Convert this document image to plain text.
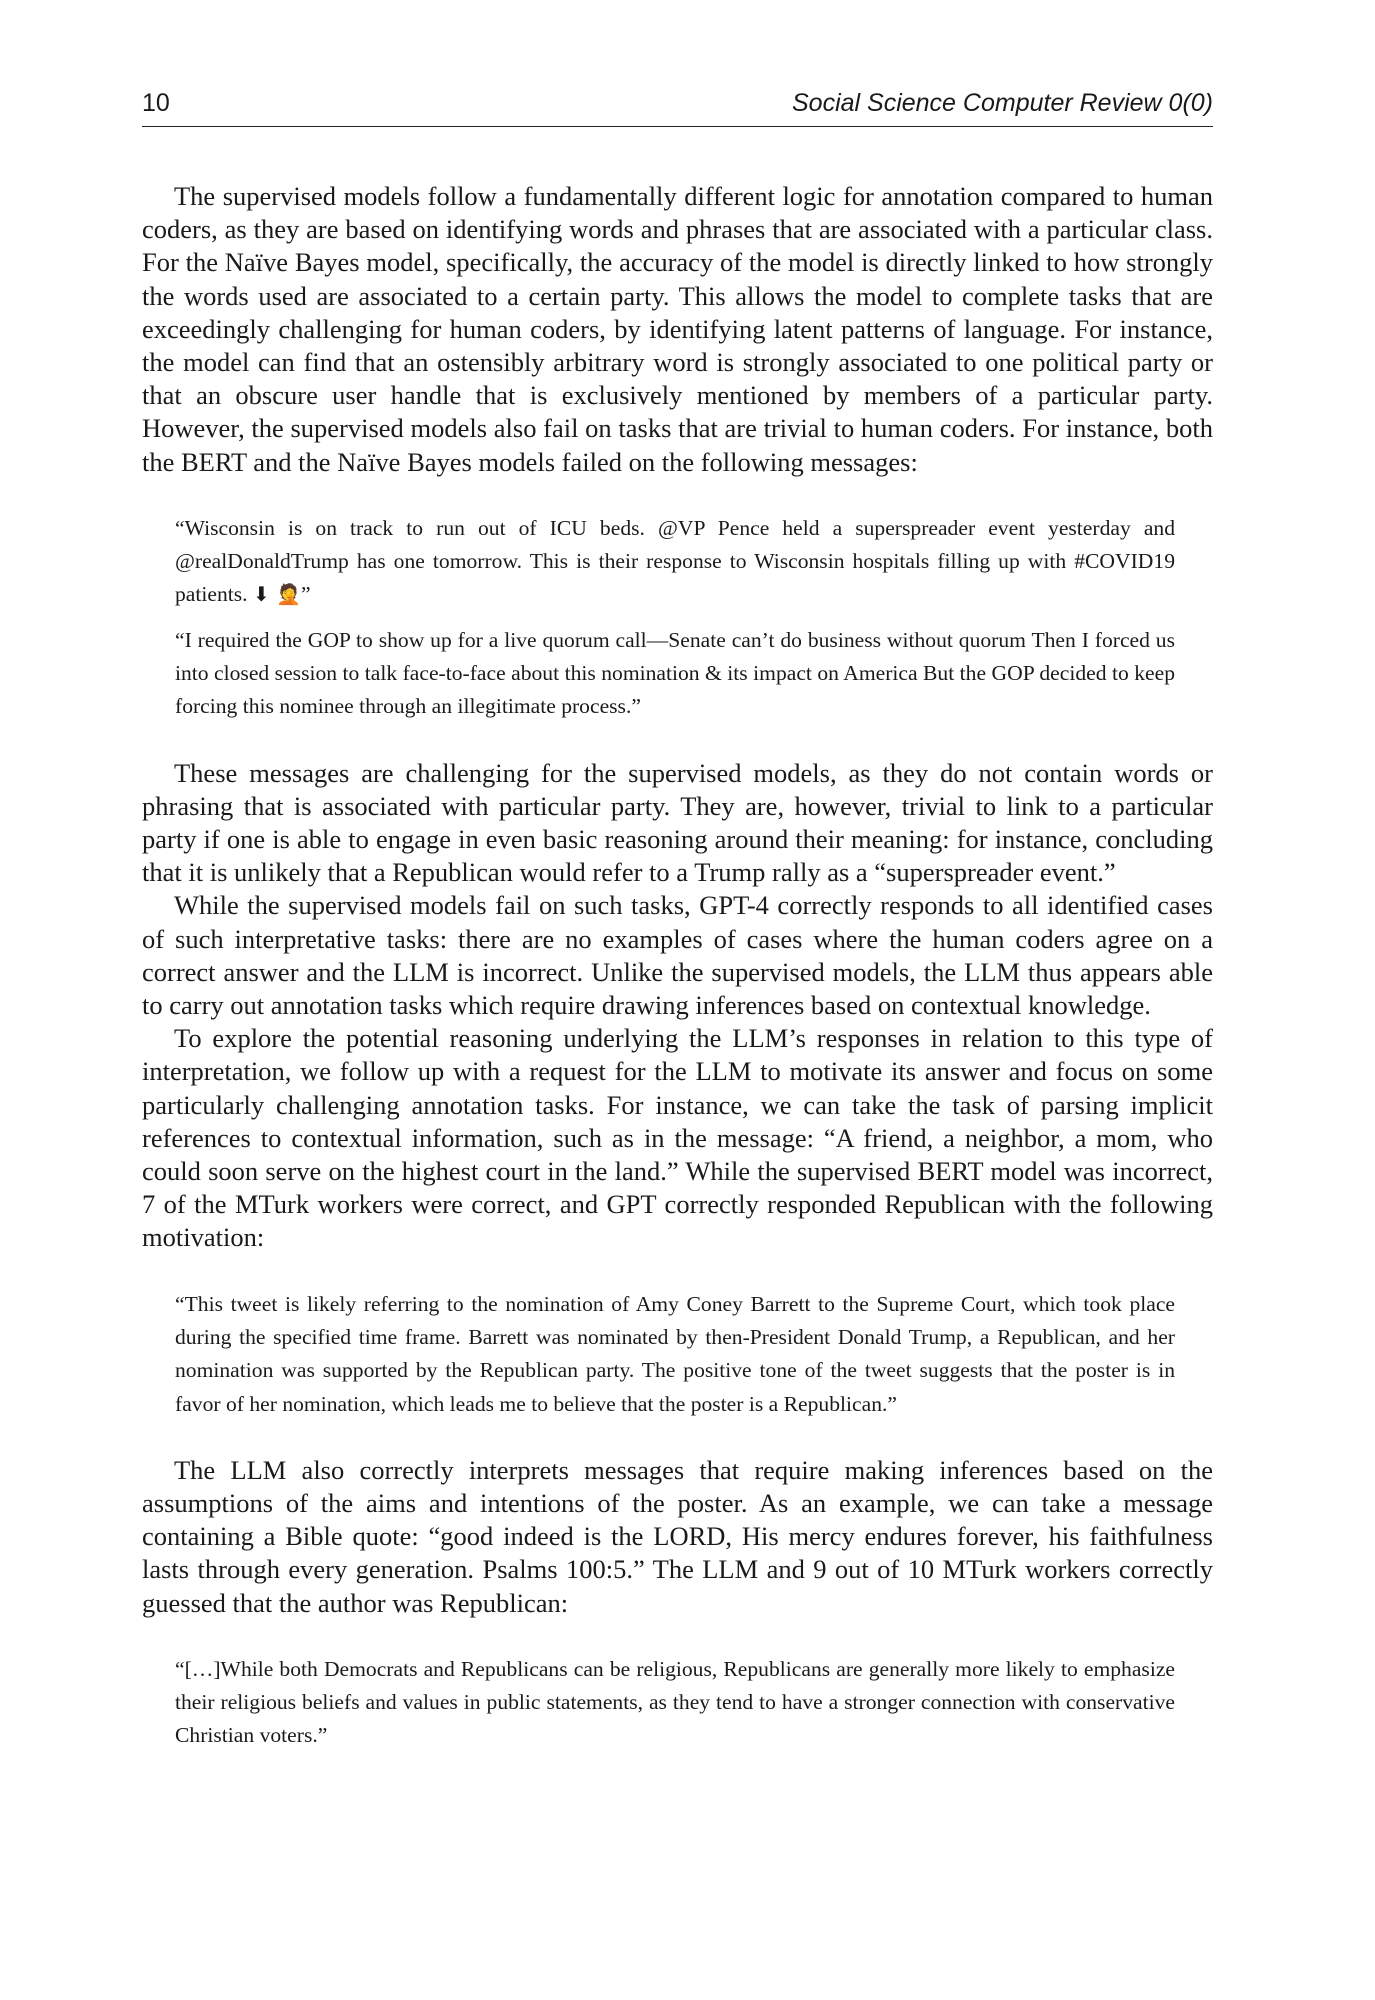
10	Social Science Computer Review 0(0)

The supervised models follow a fundamentally different logic for annotation compared to human coders, as they are based on identifying words and phrases that are associated with a particular class. For the Naïve Bayes model, specifically, the accuracy of the model is directly linked to how strongly the words used are associated to a certain party. This allows the model to complete tasks that are exceedingly challenging for human coders, by identifying latent patterns of language. For instance, the model can find that an ostensibly arbitrary word is strongly associated to one political party or that an obscure user handle that is exclusively mentioned by members of a particular party. However, the supervised models also fail on tasks that are trivial to human coders. For instance, both the BERT and the Naïve Bayes models failed on the following messages:

“Wisconsin is on track to run out of ICU beds. @VP Pence held a superspreader event yesterday and @realDonaldTrump has one tomorrow. This is their response to Wisconsin hospitals filling up with #COVID19 patients. ⬇ 🤦”

“I required the GOP to show up for a live quorum call—Senate can’t do business without quorum Then I forced us into closed session to talk face-to-face about this nomination & its impact on America But the GOP decided to keep forcing this nominee through an illegitimate process.”

These messages are challenging for the supervised models, as they do not contain words or phrasing that is associated with particular party. They are, however, trivial to link to a particular party if one is able to engage in even basic reasoning around their meaning: for instance, concluding that it is unlikely that a Republican would refer to a Trump rally as a “superspreader event.”

While the supervised models fail on such tasks, GPT-4 correctly responds to all identified cases of such interpretative tasks: there are no examples of cases where the human coders agree on a correct answer and the LLM is incorrect. Unlike the supervised models, the LLM thus appears able to carry out annotation tasks which require drawing inferences based on contextual knowledge.

To explore the potential reasoning underlying the LLM’s responses in relation to this type of interpretation, we follow up with a request for the LLM to motivate its answer and focus on some particularly challenging annotation tasks. For instance, we can take the task of parsing implicit references to contextual information, such as in the message: “A friend, a neighbor, a mom, who could soon serve on the highest court in the land.” While the supervised BERT model was incorrect, 7 of the MTurk workers were correct, and GPT correctly responded Republican with the following motivation:

“This tweet is likely referring to the nomination of Amy Coney Barrett to the Supreme Court, which took place during the specified time frame. Barrett was nominated by then-President Donald Trump, a Republican, and her nomination was supported by the Republican party. The positive tone of the tweet suggests that the poster is in favor of her nomination, which leads me to believe that the poster is a Republican.”

The LLM also correctly interprets messages that require making inferences based on the assumptions of the aims and intentions of the poster. As an example, we can take a message containing a Bible quote: “good indeed is the LORD, His mercy endures forever, his faithfulness lasts through every generation. Psalms 100:5.” The LLM and 9 out of 10 MTurk workers correctly guessed that the author was Republican:

“[…]While both Democrats and Republicans can be religious, Republicans are generally more likely to emphasize their religious beliefs and values in public statements, as they tend to have a stronger connection with conservative Christian voters.”
